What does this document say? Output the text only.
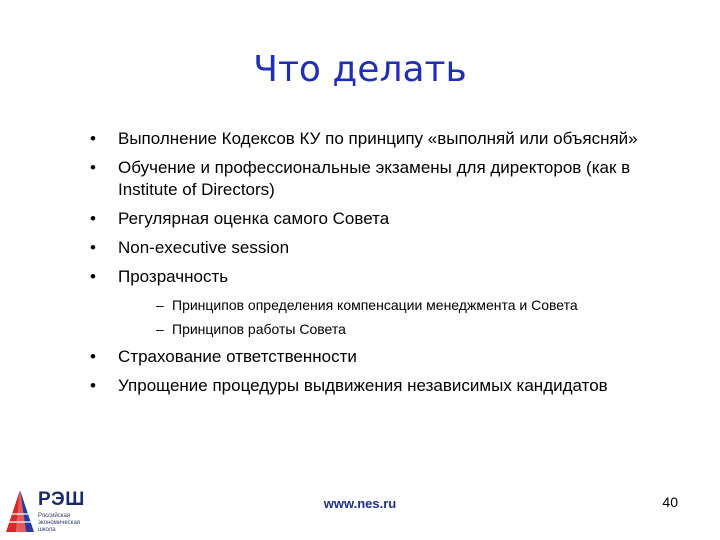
Что делать
•	Выполнение Кодексов КУ по принципу «выполняй или объясняй»
•	Обучение и профессиональные экзамены для директоров (как в Institute of Directors)
•	Регулярная оценка самого Совета
•	Non-executive session
•	Прозрачность
– Принципов определения компенсации менеджмента и Совета
– Принципов работы Совета
•	Страхование ответственности
•	Упрощение процедуры выдвижения независимых кандидатов
РЭШ
Российская экономическая школа
www.nes.ru	40
